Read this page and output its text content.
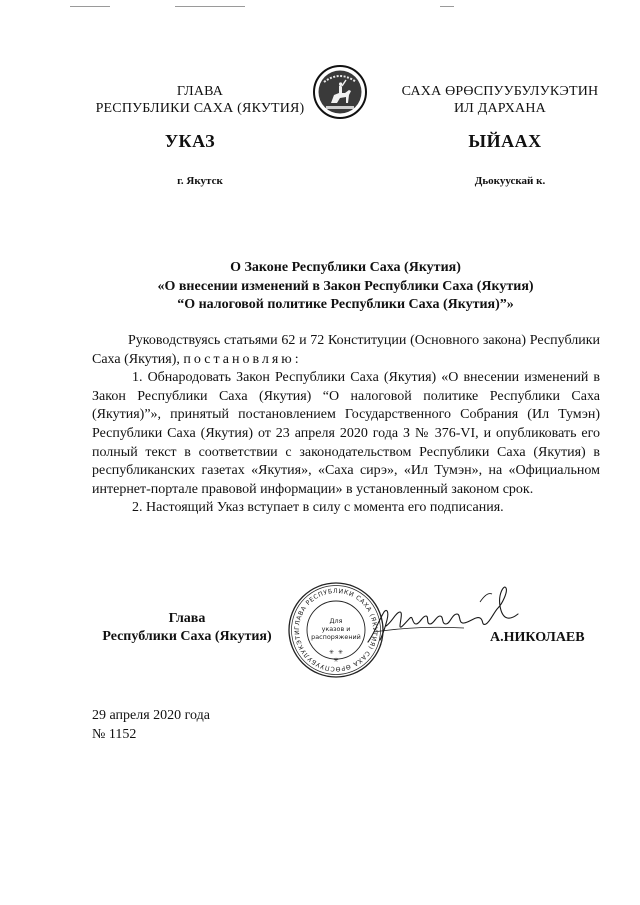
ГЛАВА
РЕСПУБЛИКИ САХА (ЯКУТИЯ)
САХА ӨРӨСПУУБУЛУКЭТИН
ИЛ ДАРХАНА
УКАЗ	ЫЙААХ
г. Якутск	Дьокуускай к.
О Законе Республики Саха (Якутия)
«О внесении изменений в Закон Республики Саха (Якутия)
“О налоговой политике Республики Саха (Якутия)”»

Руководствуясь статьями 62 и 72 Конституции (Основного закона) Республики Саха (Якутия), постановляю:

1. Обнародовать Закон Республики Саха (Якутия) «О внесении изменений в Закон Республики Саха (Якутия) “О налоговой политике Республики Саха (Якутия)”», принятый постановлением Государственного Собрания (Ил Тумэн) Республики Саха (Якутия) от 23 апреля 2020 года З № 376-VI, и опубликовать его полный текст в соответствии с законодательством Республики Саха (Якутия) в республиканских газетах «Якутия», «Саха сирэ», «Ил Тумэн», на «Официальном интернет-портале правовой информации» в установленный законом срок.

2. Настоящий Указ вступает в силу с момента его подписания.

Глава
Республики Саха (Якутия)
ГЛАВА РЕСПУБЛИКИ САХА (ЯКУТИЯ) САХА ӨРӨСПУУБУЛУКЭТИ
Для
указов и
распоряжений
✳ ✳
✳
А.НИКОЛАЕВ
29 апреля 2020 года
№ 1152
